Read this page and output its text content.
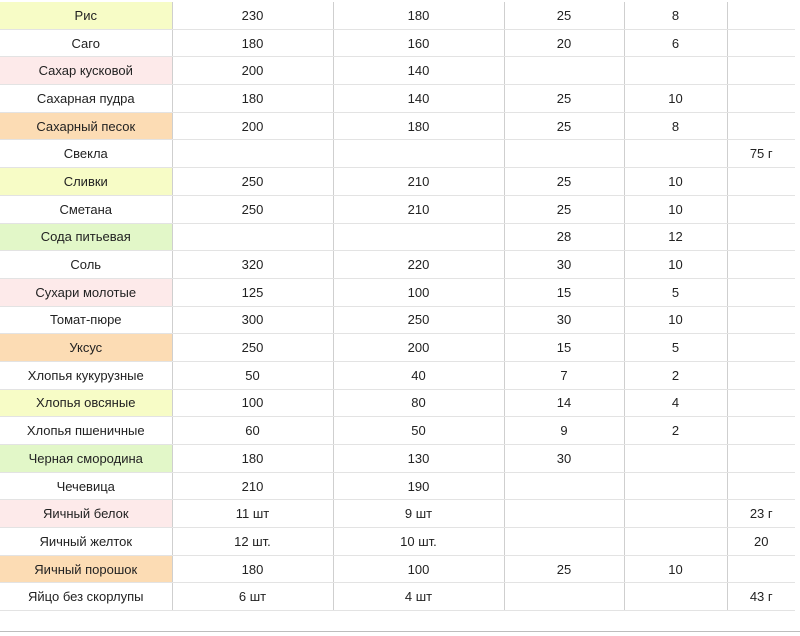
Рис	230	180	25	8	
Саго	180	160	20	6	
Сахар кусковой	200	140			
Сахарная пудра	180	140	25	10	
Сахарный песок	200	180	25	8	
Свекла					75 г
Сливки	250	210	25	10	
Сметана	250	210	25	10	
Сода питьевая			28	12	
Соль	320	220	30	10	
Сухари молотые	125	100	15	5	
Томат-пюре	300	250	30	10	
Уксус	250	200	15	5	
Хлопья кукурузные	50	40	7	2	
Хлопья овсяные	100	80	14	4	
Хлопья пшеничные	60	50	9	2	
Черная смородина	180	130	30		
Чечевица	210	190			
Яичный белок	11 шт	9 шт			23 г
Яичный желток	12 шт.	10 шт.			20
Яичный порошок	180	100	25	10	
Яйцо без скорлупы	6 шт	4 шт			43 г
